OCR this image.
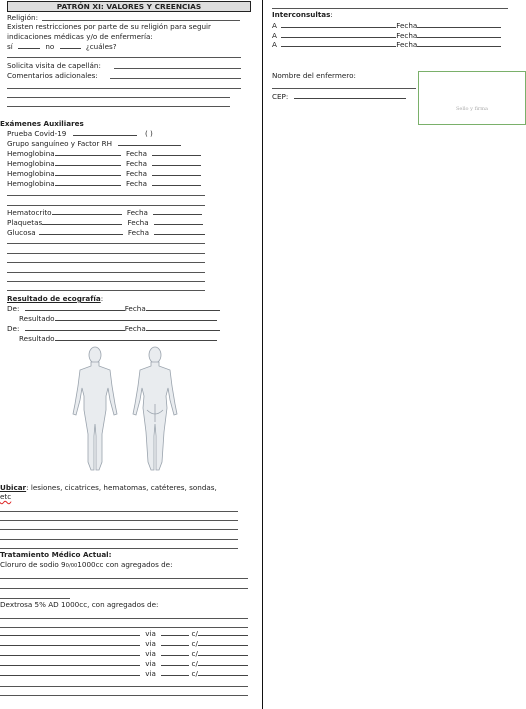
PATRÓN XI: VALORES Y CREENCIAS
Religión:
Existen restricciones por parte de su religión para seguir
indicaciones médicas y/o de enfermería:
sí	no	¿cuáles?
Solicita visita de capellán:
Comentarios adicionales:
Exámenes Auxiliares
Prueba Covid-19	( )
Grupo sanguíneo y Factor RH
Hemoglobina	Fecha
Hemoglobina	Fecha
Hemoglobina	Fecha
Hemoglobina	Fecha
Hematocrito	Fecha
Plaquetas	Fecha
Glucosa	Fecha
Resultado de ecografía:
De:	Fecha
Resultado
De:	Fecha
Resultado
Ubicar: lesiones, cicatrices, hematomas, catéteres, sondas,
etc
Tratamiento Médico Actual:
Cloruro de sodio 90/001000cc con agregados de:
Dextrosa 5% AD 1000cc, con agregados de:
via	c/
via	c/
via	c/
via	c/
via	c/
Interconsultas:
A	Fecha
A	Fecha
A	Fecha
Nombre del enfermero:
CEP:
Sello y firma
